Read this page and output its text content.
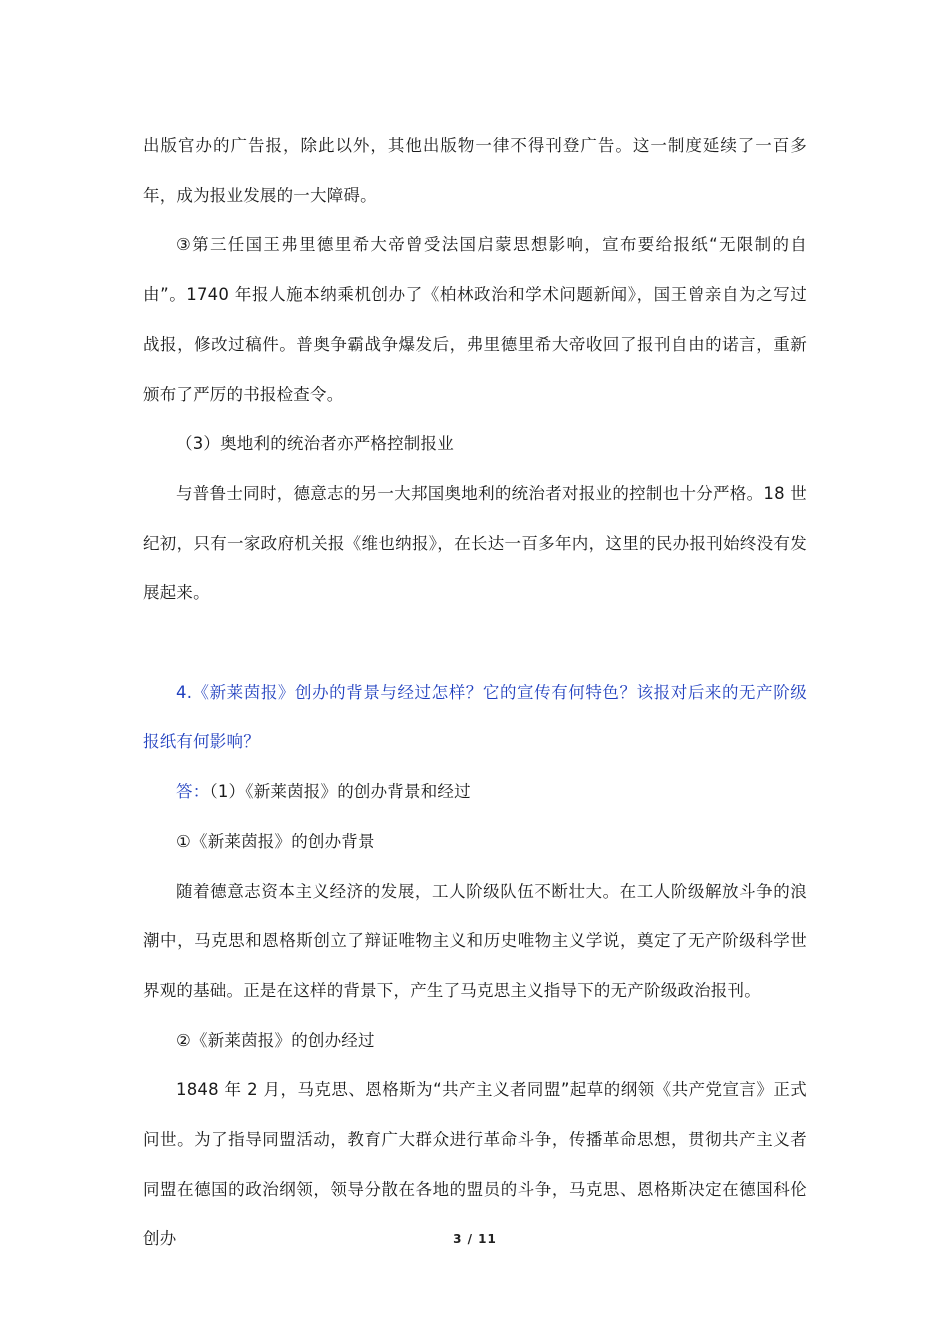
出版官办的广告报，除此以外，其他出版物一律不得刊登广告。这一制度延续了一百多年，成为报业发展的一大障碍。

③第三任国王弗里德里希大帝曾受法国启蒙思想影响，宣布要给报纸“无限制的自由”。1740 年报人施本纳乘机创办了《柏林政治和学术问题新闻》，国王曾亲自为之写过战报，修改过稿件。普奥争霸战争爆发后，弗里德里希大帝收回了报刊自由的诺言，重新颁布了严厉的书报检查令。

（3）奥地利的统治者亦严格控制报业

与普鲁士同时，德意志的另一大邦国奥地利的统治者对报业的控制也十分严格。18 世纪初，只有一家政府机关报《维也纳报》，在长达一百多年内，这里的民办报刊始终没有发展起来。

4.《新莱茵报》创办的背景与经过怎样？它的宣传有何特色？该报对后来的无产阶级报纸有何影响？

答：（1）《新莱茵报》的创办背景和经过

①《新莱茵报》的创办背景

随着德意志资本主义经济的发展，工人阶级队伍不断壮大。在工人阶级解放斗争的浪潮中，马克思和恩格斯创立了辩证唯物主义和历史唯物主义学说，奠定了无产阶级科学世界观的基础。正是在这样的背景下，产生了马克思主义指导下的无产阶级政治报刊。

②《新莱茵报》的创办经过

1848 年 2 月，马克思、恩格斯为“共产主义者同盟”起草的纲领《共产党宣言》正式问世。为了指导同盟活动，教育广大群众进行革命斗争，传播革命思想，贯彻共产主义者同盟在德国的政治纲领，领导分散在各地的盟员的斗争，马克思、恩格斯决定在德国科伦创办	3 / 11
